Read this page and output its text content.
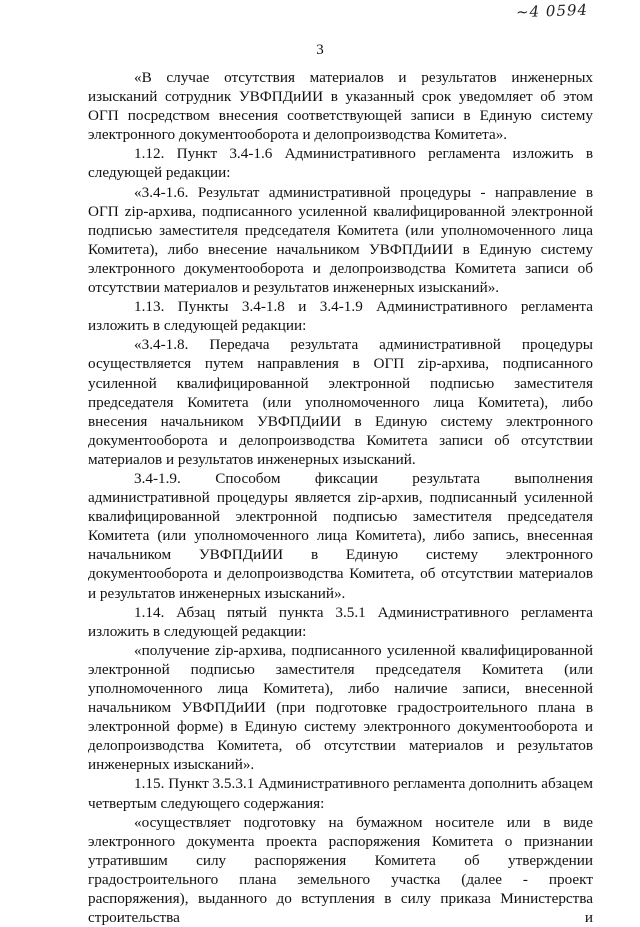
~4 0594
3

«В случае отсутствия материалов и результатов инженерных изысканий сотрудник УВФПДиИИ в указанный срок уведомляет об этом ОГП посредством внесения соответствующей записи в Единую систему электронного документооборота и делопроизводства Комитета».

1.12. Пункт 3.4-1.6 Административного регламента изложить в следующей редакции:

«3.4-1.6. Результат административной процедуры - направление в ОГП zip-архива, подписанного усиленной квалифицированной электронной подписью заместителя председателя Комитета (или уполномоченного лица Комитета), либо внесение начальником УВФПДиИИ в Единую систему электронного документооборота и делопроизводства Комитета записи об отсутствии материалов и результатов инженерных изысканий».

1.13. Пункты 3.4-1.8 и 3.4-1.9 Административного регламента изложить в следующей редакции:

«3.4-1.8. Передача результата административной процедуры осуществляется путем направления в ОГП zip-архива, подписанного усиленной квалифицированной электронной подписью заместителя председателя Комитета (или уполномоченного лица Комитета), либо внесения начальником УВФПДиИИ в Единую систему электронного документооборота и делопроизводства Комитета записи об отсутствии материалов и результатов инженерных изысканий.

3.4-1.9. Способом фиксации результата выполнения административной процедуры является zip-архив, подписанный усиленной квалифицированной электронной подписью заместителя председателя Комитета (или уполномоченного лица Комитета), либо запись, внесенная начальником УВФПДиИИ в Единую систему электронного документооборота и делопроизводства Комитета, об отсутствии материалов и результатов инженерных изысканий».

1.14. Абзац пятый пункта 3.5.1 Административного регламента изложить в следующей редакции:

«получение zip-архива, подписанного усиленной квалифицированной электронной подписью заместителя председателя Комитета (или уполномоченного лица Комитета), либо наличие записи, внесенной начальником УВФПДиИИ (при подготовке градостроительного плана в электронной форме) в Единую систему электронного документооборота и делопроизводства Комитета, об отсутствии материалов и результатов инженерных изысканий».

1.15. Пункт 3.5.3.1 Административного регламента дополнить абзацем четвертым следующего содержания:

«осуществляет подготовку на бумажном носителе или в виде электронного документа проекта распоряжения Комитета о признании утратившим силу распоряжения Комитета об утверждении градостроительного плана земельного участка (далее - проект распоряжения), выданного до вступления в силу приказа Министерства строительства и
